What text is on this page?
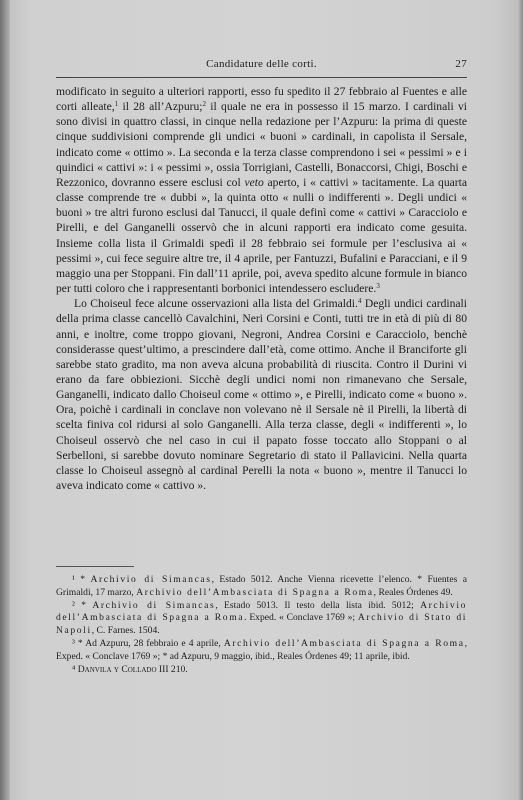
Candidature delle corti.	27

modificato in seguito a ulteriori rapporti, esso fu spedito il 27 febbraio al Fuentes e alle corti alleate,$^1$ il 28 all’Azpuru;$^2$ il quale ne era in possesso il 15 marzo. I cardinali vi sono divisi in quattro classi, in cinque nella redazione per l’Azpuru: la prima di queste cinque suddivisioni comprende gli undici « buoni » cardinali, in capolista il Sersale, indicato come « ottimo ». La seconda e la terza classe comprendono i sei « pessimi » e i quindici « cattivi »: i « pessimi », ossia Torrigiani, Castelli, Bonaccorsi, Chigi, Boschi e Rezzonico, dovranno essere esclusi col veto aperto, i « cattivi » tacitamente. La quarta classe comprende tre « dubbi », la quinta otto « nulli o indifferenti ». Degli undici « buoni » tre altri furono esclusi dal Tanucci, il quale definì come « cattivi » Caracciolo e Pirelli, e del Ganganelli osservò che in alcuni rapporti era indicato come gesuita. Insieme colla lista il Grimaldi spedì il 28 febbraio sei formule per l’esclusiva ai « pessimi », cui fece seguire altre tre, il 4 aprile, per Fantuzzi, Bufalini e Paracciani, e il 9 maggio una per Stoppani. Fin dall’11 aprile, poi, aveva spedito alcune formule in bianco per tutti coloro che i rappresentanti borbonici intendessero escludere.$^3$

Lo Choiseul fece alcune osservazioni alla lista del Grimaldi.$^4$ Degli undici cardinali della prima classe cancellò Cavalchini, Neri Corsini e Conti, tutti tre in età di più di 80 anni, e inoltre, come troppo giovani, Negroni, Andrea Corsini e Caracciolo, benchè considerasse quest’ultimo, a prescindere dall’età, come ottimo. Anche il Branciforte gli sarebbe stato gradito, ma non aveva alcuna probabilità di riuscita. Contro il Durini vi erano da fare obbiezioni. Sicchè degli undici nomi non rimanevano che Sersale, Ganganelli, indicato dallo Choiseul come « ottimo », e Pirelli, indicato come « buono ». Ora, poichè i cardinali in conclave non volevano nè il Sersale nè il Pirelli, la libertà di scelta finiva col ridursi al solo Ganganelli. Alla terza classe, degli « indifferenti », lo Choiseul osservò che nel caso in cui il papato fosse toccato allo Stoppani o al Serbelloni, si sarebbe dovuto nominare Segretario di stato il Pallavicini. Nella quarta classe lo Choiseul assegnò al cardinal Perelli la nota « buono », mentre il Tanucci lo aveva indicato come « cattivo ».

¹ * Archivio di Simancas, Estado 5012. Anche Vienna ricevette l’elenco. * Fuentes a Grimaldi, 17 marzo, Archivio dell’Ambasciata di Spagna a Roma, Reales Órdenes 49.

² * Archivio di Simancas, Estado 5013. Il testo della lista ibid. 5012; Archivio dell’Ambasciata di Spagna a Roma. Exped. « Conclave 1769 »; Archivio di Stato di Napoli, C. Farnes. 1504.

³ * Ad Azpuru, 28 febbraio e 4 aprile, Archivio dell’Ambasciata di Spagna a Roma, Exped. « Conclave 1769 »; * ad Azpuru, 9 maggio, ibid., Reales Órdenes 49; 11 aprile, ibid.

⁴ Danvila y Collado III 210.
